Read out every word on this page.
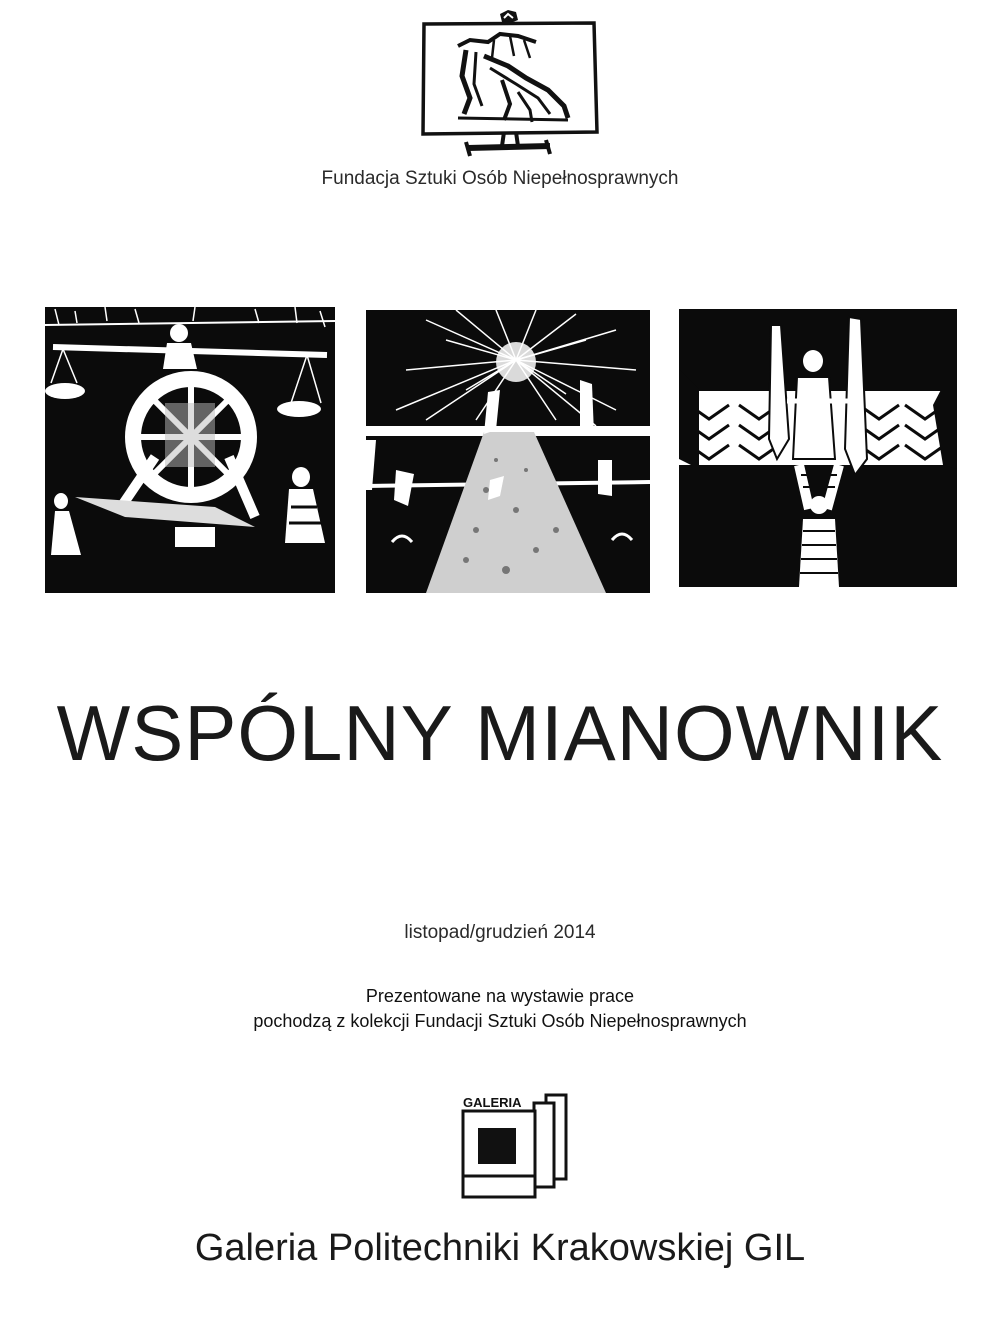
Fundacja Sztuki Osób Niepełnosprawnych
WSPÓLNY MIANOWNIK
listopad/grudzień 2014
Prezentowane na wystawie prace
pochodzą z kolekcji Fundacji Sztuki Osób Niepełnosprawnych
GALERIA
Galeria Politechniki Krakowskiej GIL
